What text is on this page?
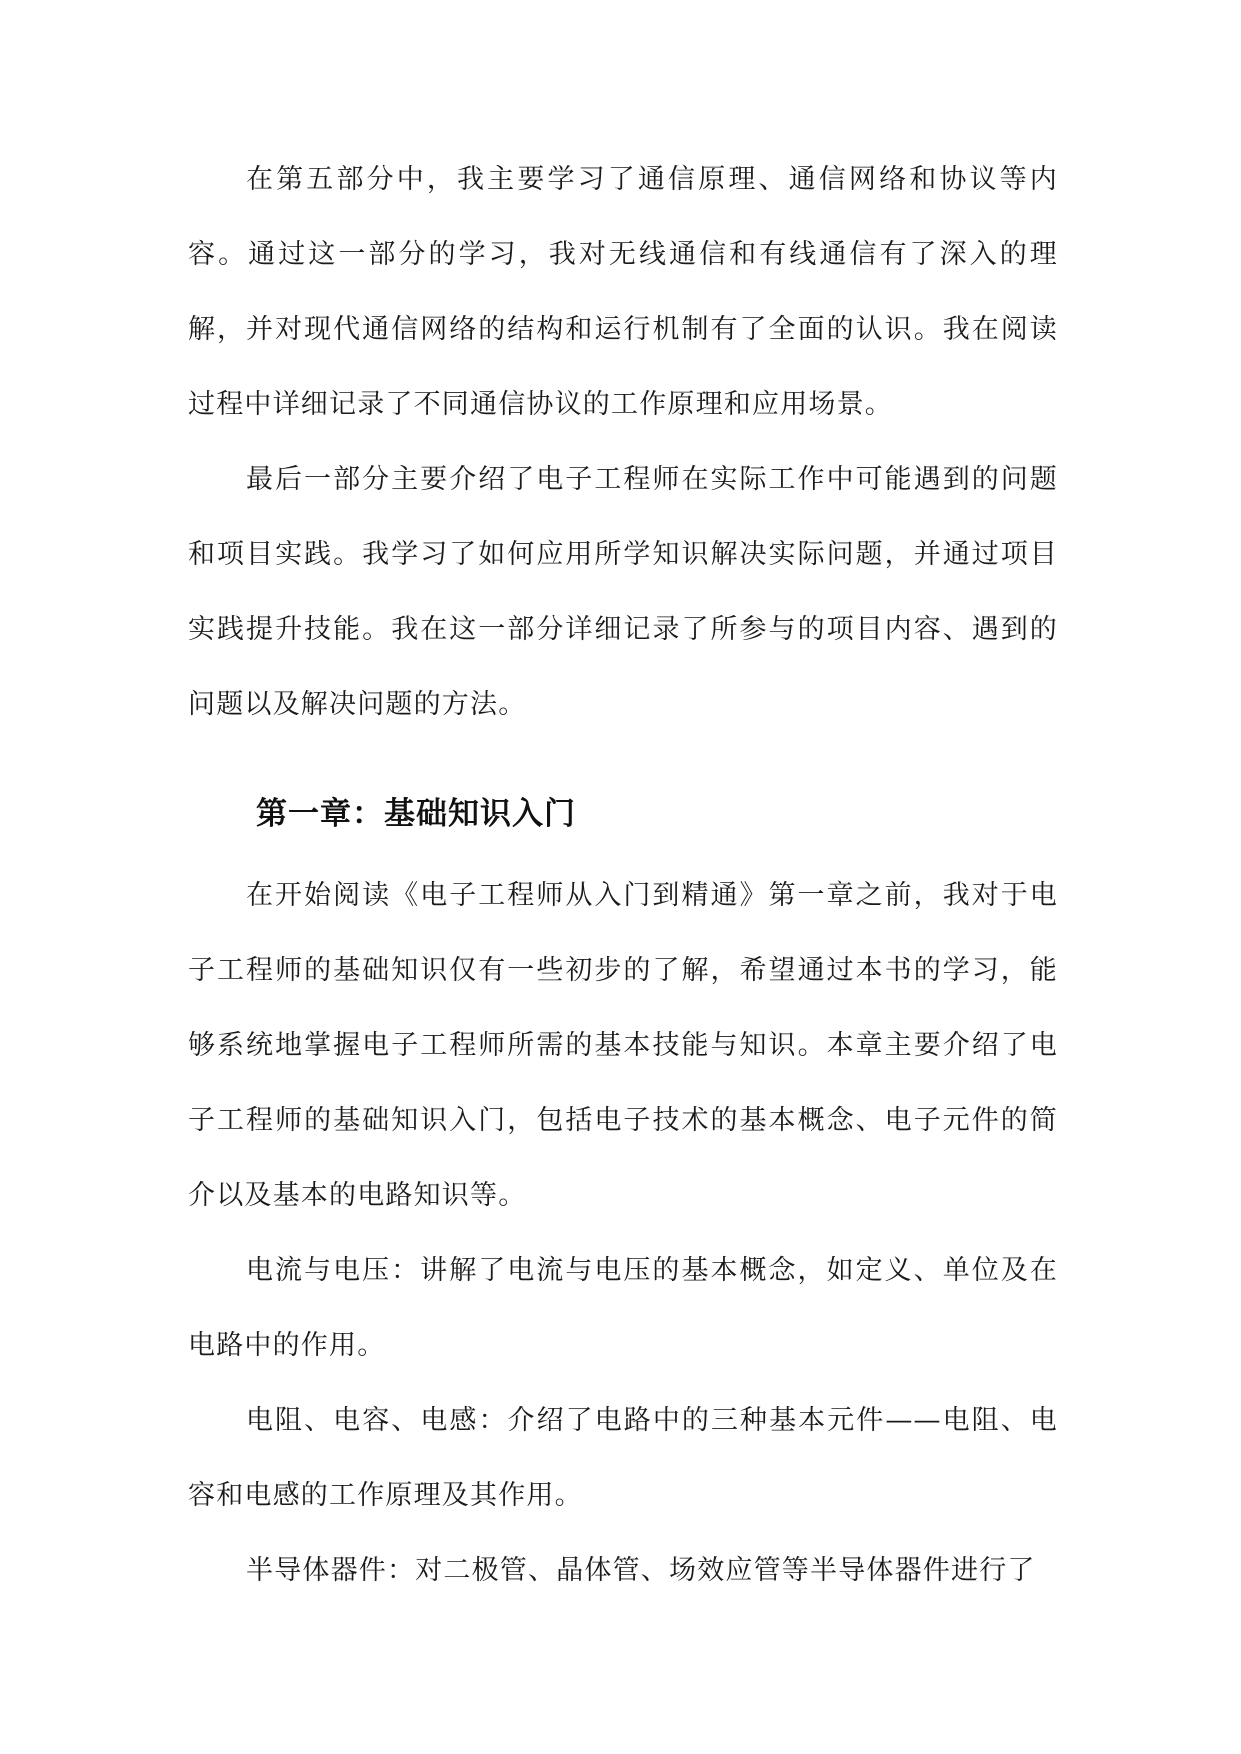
在第五部分中，我主要学习了通信原理、通信网络和协议等内容。通过这一部分的学习，我对无线通信和有线通信有了深入的理解，并对现代通信网络的结构和运行机制有了全面的认识。我在阅读过程中详细记录了不同通信协议的工作原理和应用场景。

最后一部分主要介绍了电子工程师在实际工作中可能遇到的问题和项目实践。我学习了如何应用所学知识解决实际问题，并通过项目实践提升技能。我在这一部分详细记录了所参与的项目内容、遇到的问题以及解决问题的方法。

第一章：基础知识入门

在开始阅读《电子工程师从入门到精通》第一章之前，我对于电子工程师的基础知识仅有一些初步的了解，希望通过本书的学习，能够系统地掌握电子工程师所需的基本技能与知识。本章主要介绍了电子工程师的基础知识入门，包括电子技术的基本概念、电子元件的简介以及基本的电路知识等。

电流与电压：讲解了电流与电压的基本概念，如定义、单位及在电路中的作用。

电阻、电容、电感：介绍了电路中的三种基本元件——电阻、电容和电感的工作原理及其作用。

半导体器件：对二极管、晶体管、场效应管等半导体器件进行了
